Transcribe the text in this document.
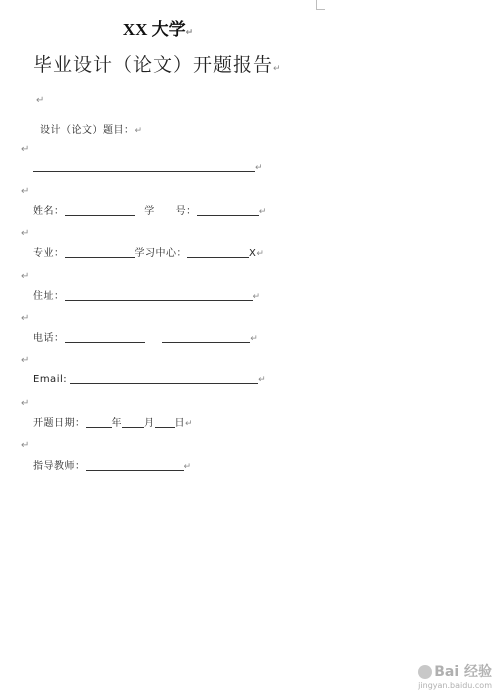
XX 大学↵
毕业设计（论文）开题报告↵
↵
设计（论文）题目：↵
↵
↵
↵
姓名：	学　　号：	↵
↵
专业：	学习中心：	X↵
↵
住址：	↵
↵
电话：	↵
↵
Email:	↵
↵
开题日期：	年 月 日↵
↵
指导教师：	↵
Bai 经验
jingyan.baidu.com
